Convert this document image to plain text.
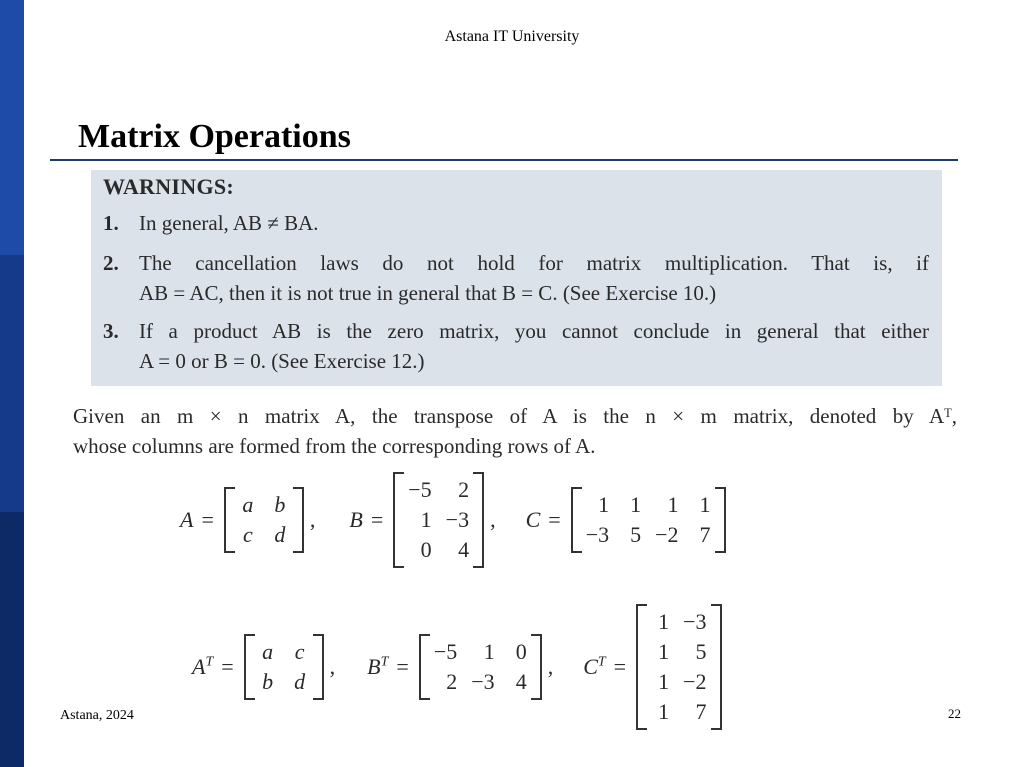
Astana IT University
Matrix Operations
WARNINGS:
1. In general, AB ≠ BA.
2. The cancellation laws do not hold for matrix multiplication. That is, if
AB = AC, then it is not true in general that B = C. (See Exercise 10.)
3. If a product AB is the zero matrix, you cannot conclude in general that either
A = 0 or B = 0. (See Exercise 12.)
Given an m × n matrix A, the transpose of A is the n × m matrix, denoted by Aᵀ,
whose columns are formed from the corresponding rows of A.
A =
a b
c d
, B =
−5	2
1 −3
0	4
, C =
1 1	1 1
−3 5 −2 7
$A^T$ =
a c
b d
, $B^T$ =
−5	1 0
2 −3 4
, $C^T$ =
1 −3
1	5
1 −2
1	7
Astana, 2024	22
